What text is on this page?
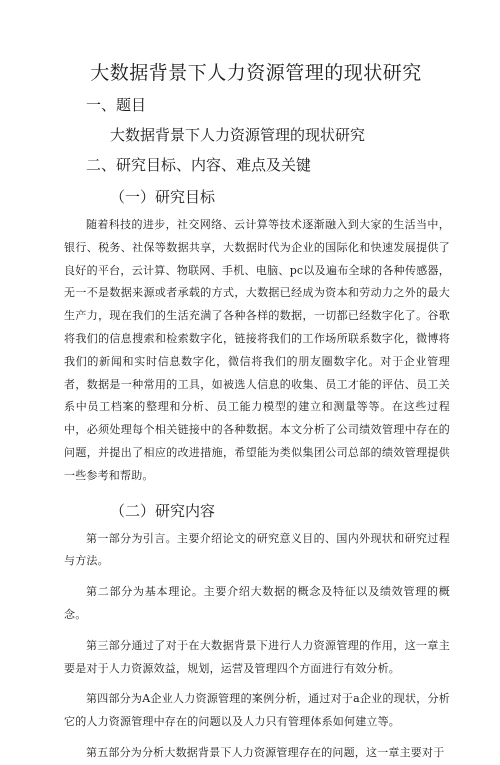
大数据背景下人力资源管理的现状研究
一、题目
大数据背景下人力资源管理的现状研究
二、研究目标、内容、难点及关键
（一）研究目标

随着科技的进步，社交网络、云计算等技术逐渐融入到大家的生活当中，银行、税务、社保等数据共享，大数据时代为企业的国际化和快速发展提供了良好的平台，云计算、物联网、手机、电脑、pc以及遍布全球的各种传感器，无一不是数据来源或者承载的方式，大数据已经成为资本和劳动力之外的最大生产力，现在我们的生活充满了各种各样的数据，一切都已经数字化了。谷歌将我们的信息搜索和检索数字化，链接将我们的工作场所联系数字化，微博将我们的新闻和实时信息数字化，微信将我们的朋友圈数字化。对于企业管理者，数据是一种常用的工具，如被选人信息的收集、员工才能的评估、员工关系中员工档案的整理和分析、员工能力模型的建立和测量等等。在这些过程中，必须处理每个相关链接中的各种数据。本文分析了公司绩效管理中存在的问题，并提出了相应的改进措施，希望能为类似集团公司总部的绩效管理提供一些参考和帮助。

（二）研究内容

第一部分为引言。主要介绍论文的研究意义目的、国内外现状和研究过程与方法。

第二部分为基本理论。主要介绍大数据的概念及特征以及绩效管理的概念。

第三部分通过了对于在大数据背景下进行人力资源管理的作用，这一章主要是对于人力资源效益，规划，运营及管理四个方面进行有效分析。

第四部分为A企业人力资源管理的案例分析，通过对于a企业的现状，分析它的人力资源管理中存在的问题以及人力只有管理体系如何建立等。

第五部分为分析大数据背景下人力资源管理存在的问题，这一章主要对于
